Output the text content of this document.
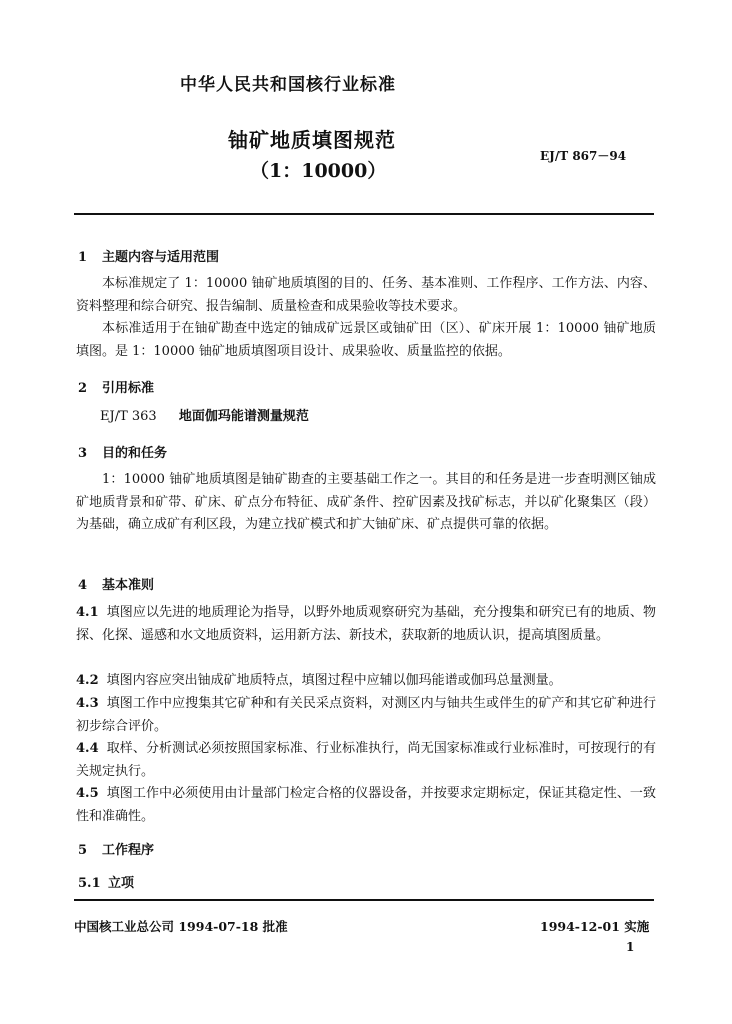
中华人民共和国核行业标准
铀矿地质填图规范
（1：10000）
EJ/T 867－94
1 主题内容与适用范围
本标准规定了 1：10000 铀矿地质填图的目的、任务、基本准则、工作程序、工作方法、内容、资料整理和综合研究、报告编制、质量检查和成果验收等技术要求。
本标准适用于在铀矿勘查中选定的铀成矿远景区或铀矿田（区）、矿床开展 1：10000 铀矿地质填图。是 1：10000 铀矿地质填图项目设计、成果验收、质量监控的依据。
2 引用标准
EJ/T 363 地面伽玛能谱测量规范
3 目的和任务
1：10000 铀矿地质填图是铀矿勘查的主要基础工作之一。其目的和任务是进一步查明测区铀成矿地质背景和矿带、矿床、矿点分布特征、成矿条件、控矿因素及找矿标志，并以矿化聚集区（段）为基础，确立成矿有利区段，为建立找矿模式和扩大铀矿床、矿点提供可靠的依据。
4 基本准则
4.1 填图应以先进的地质理论为指导，以野外地质观察研究为基础，充分搜集和研究已有的地质、物探、化探、遥感和水文地质资料，运用新方法、新技术，获取新的地质认识，提高填图质量。
4.2 填图内容应突出铀成矿地质特点，填图过程中应辅以伽玛能谱或伽玛总量测量。
4.3 填图工作中应搜集其它矿种和有关民采点资料，对测区内与铀共生或伴生的矿产和其它矿种进行初步综合评价。
4.4 取样、分析测试必须按照国家标准、行业标准执行，尚无国家标准或行业标准时，可按现行的有关规定执行。
4.5 填图工作中必须使用由计量部门检定合格的仪器设备，并按要求定期标定，保证其稳定性、一致性和准确性。
5 工作程序
5.1 立项
中国核工业总公司 1994-07-18 批准	1994-12-01 实施
1
